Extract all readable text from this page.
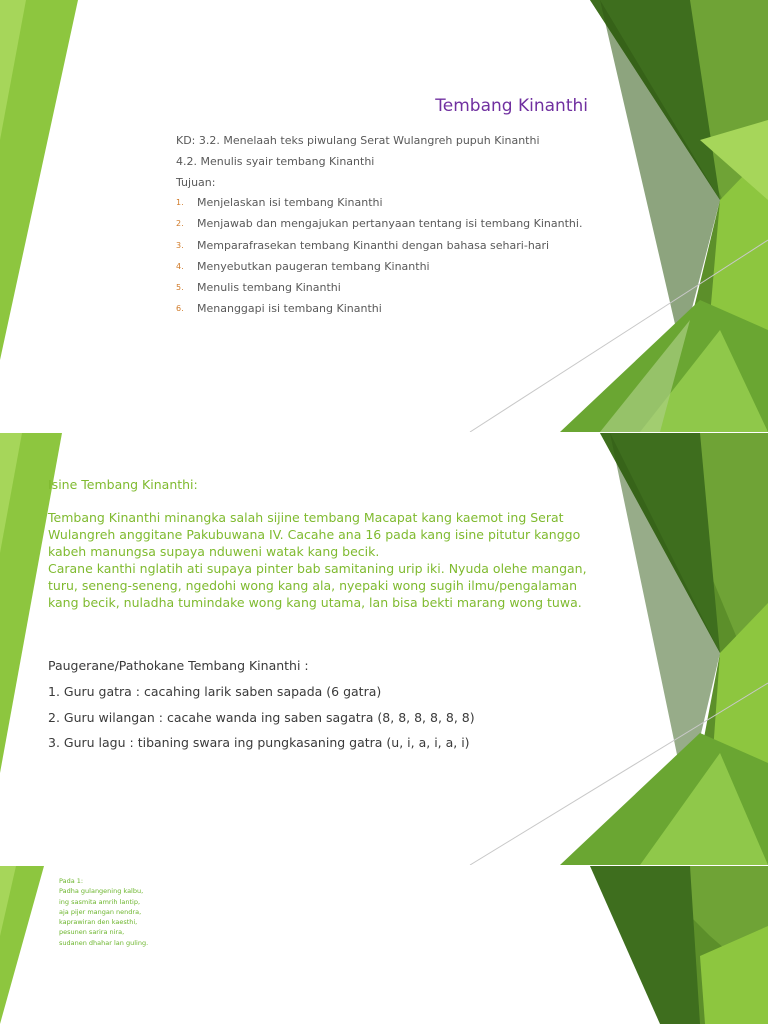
Tembang Kinanthi
KD: 3.2. Menelaah teks piwulang Serat Wulangreh pupuh Kinanthi
4.2. Menulis syair tembang Kinanthi
Tujuan:
1. Menjelaskan isi tembang Kinanthi
2. Menjawab dan mengajukan pertanyaan tentang isi tembang Kinanthi.
3. Memparafrasekan tembang Kinanthi dengan bahasa sehari-hari
4. Menyebutkan paugeran tembang Kinanthi
5. Menulis tembang Kinanthi
6. Menanggapi isi tembang Kinanthi
Isine Tembang Kinanthi:
Tembang Kinanthi minangka salah sijine tembang Macapat kang kaemot ing Serat Wulangreh anggitane Pakubuwana IV. Cacahe ana 16 pada kang isine pitutur kanggo kabeh manungsa supaya nduweni watak kang becik.
Carane kanthi nglatih ati supaya pinter bab samitaning urip iki. Nyuda olehe mangan, turu, seneng-seneng, ngedohi wong kang ala, nyepaki wong sugih ilmu/pengalaman kang becik, nuladha tumindake wong kang utama, lan bisa bekti marang wong tuwa.
Paugerane/Pathokane Tembang Kinanthi :
1. Guru gatra : cacahing larik saben sapada (6 gatra)
2. Guru wilangan : cacahe wanda ing saben sagatra (8, 8, 8, 8, 8, 8)
3. Guru lagu : tibaning swara ing pungkasaning gatra (u, i, a, i, a, i)
Pada 1:
Padha gulangening kalbu,
ing sasmita amrih lantip,
aja pijer mangan nendra,
kaprawiran den kaesthi,
pesunen sarira nira,
sudanen dhahar lan guling.
